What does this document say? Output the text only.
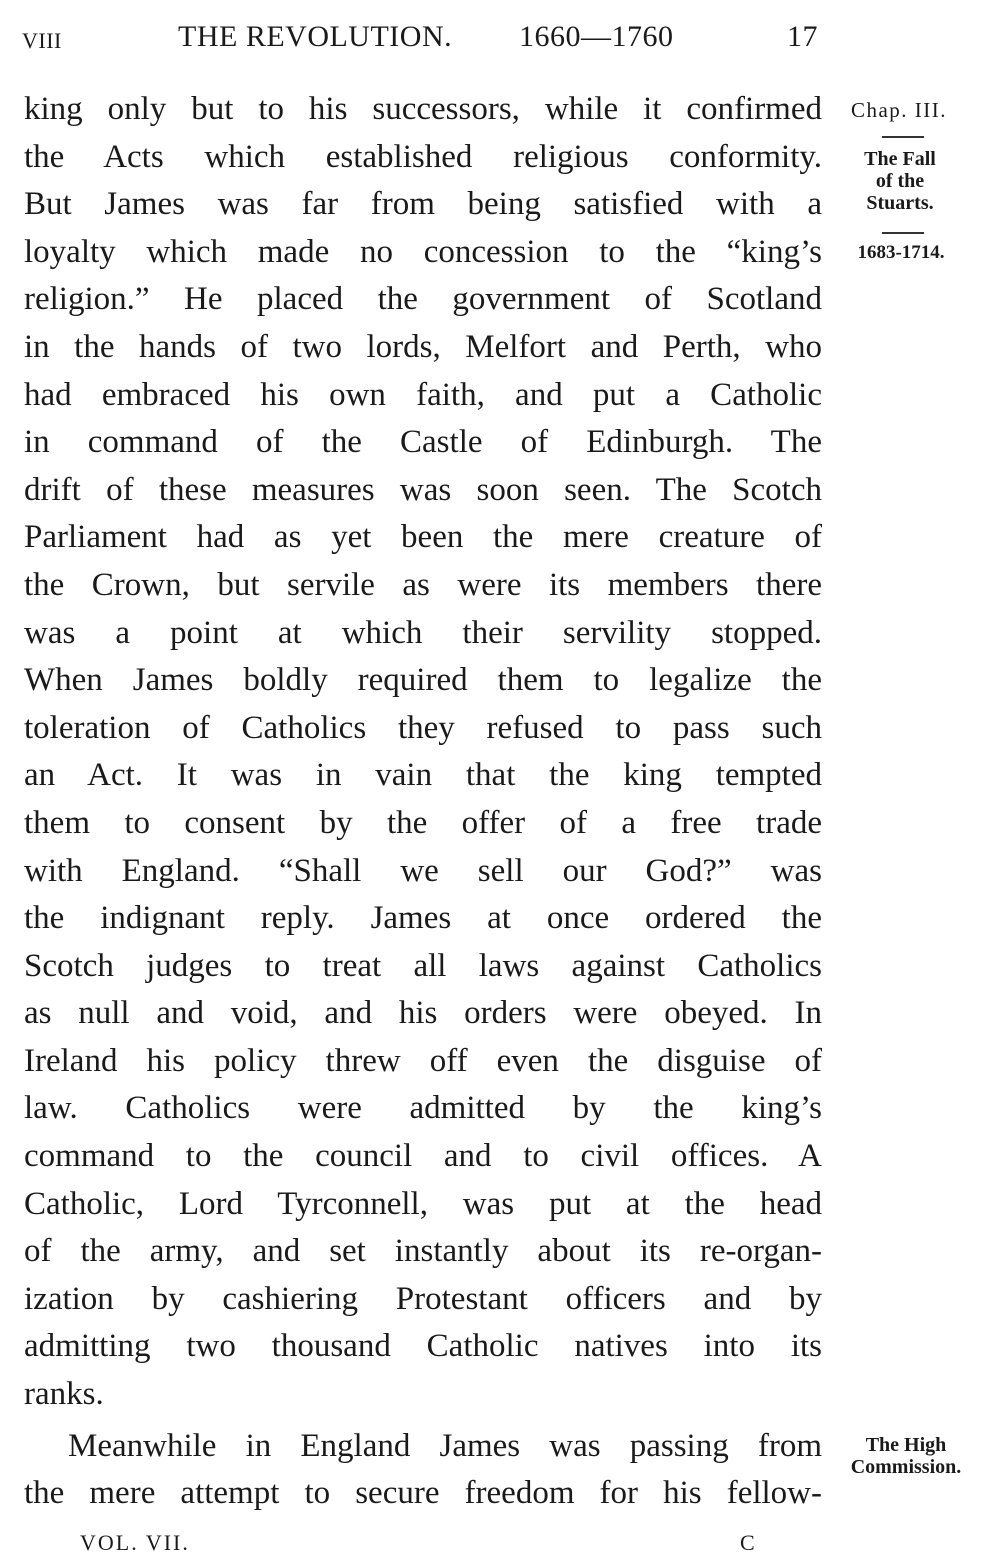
VIII	THE REVOLUTION. 1660—1760	17
king only but to his successors, while it confirmed
the Acts which established religious conformity.
But James was far from being satisfied with a
loyalty which made no concession to the “king’s
religion.” He placed the government of Scotland
in the hands of two lords, Melfort and Perth, who
had embraced his own faith, and put a Catholic
in command of the Castle of Edinburgh. The
drift of these measures was soon seen. The Scotch
Parliament had as yet been the mere creature of
the Crown, but servile as were its members there
was a point at which their servility stopped.
When James boldly required them to legalize the
toleration of Catholics they refused to pass such
an Act. It was in vain that the king tempted
them to consent by the offer of a free trade
with England. “Shall we sell our God?” was
the indignant reply. James at once ordered the
Scotch judges to treat all laws against Catholics
as null and void, and his orders were obeyed. In
Ireland his policy threw off even the disguise of
law. Catholics were admitted by the king’s
command to the council and to civil offices. A
Catholic, Lord Tyrconnell, was put at the head
of the army, and set instantly about its re-organ-
ization by cashiering Protestant officers and by
admitting two thousand Catholic natives into its
ranks.
Meanwhile in England James was passing from
the mere attempt to secure freedom for his fellow-
Chap. III.
The Fall
of the
Stuarts.
1683-1714.
The High
Commission.
VOL. VII.	C
